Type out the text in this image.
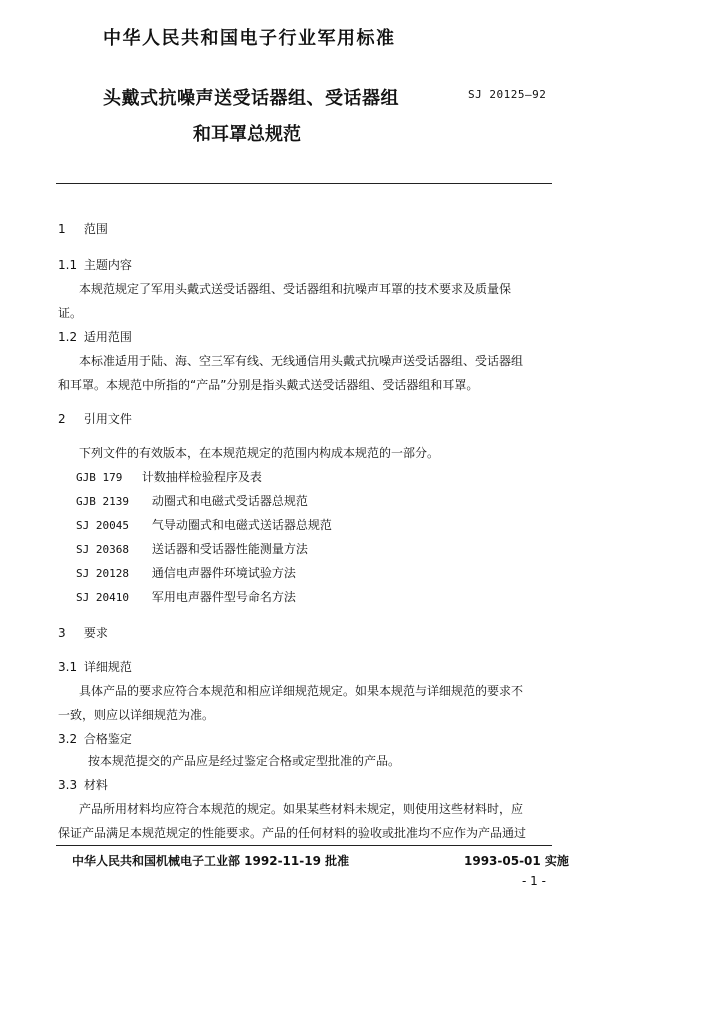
中华人民共和国电子行业军用标准
头戴式抗噪声送受话器组、受话器组	SJ 20125—92
和耳罩总规范
1 范围
1.1 主题内容
本规范规定了军用头戴式送受话器组、受话器组和抗噪声耳罩的技术要求及质量保
证。
1.2 适用范围
本标准适用于陆、海、空三军有线、无线通信用头戴式抗噪声送受话器组、受话器组
和耳罩。本规范中所指的“产品”分别是指头戴式送受话器组、受话器组和耳罩。
2 引用文件
下列文件的有效版本，在本规范规定的范围内构成本规范的一部分。
GJB 179 计数抽样检验程序及表
GJB 2139 动圈式和电磁式受话器总规范
SJ 20045 气导动圈式和电磁式送话器总规范
SJ 20368 送话器和受话器性能测量方法
SJ 20128 通信电声器件环境试验方法
SJ 20410 军用电声器件型号命名方法
3 要求
3.1 详细规范
具体产品的要求应符合本规范和相应详细规范规定。如果本规范与详细规范的要求不
一致，则应以详细规范为准。
3.2 合格鉴定
按本规范提交的产品应是经过鉴定合格或定型批准的产品。
3.3 材料
产品所用材料均应符合本规范的规定。如果某些材料未规定，则使用这些材料时，应
保证产品满足本规范规定的性能要求。产品的任何材料的验收或批准均不应作为产品通过
中华人民共和国机械电子工业部 1992-11-19 批准	1993-05-01 实施
- 1 -
